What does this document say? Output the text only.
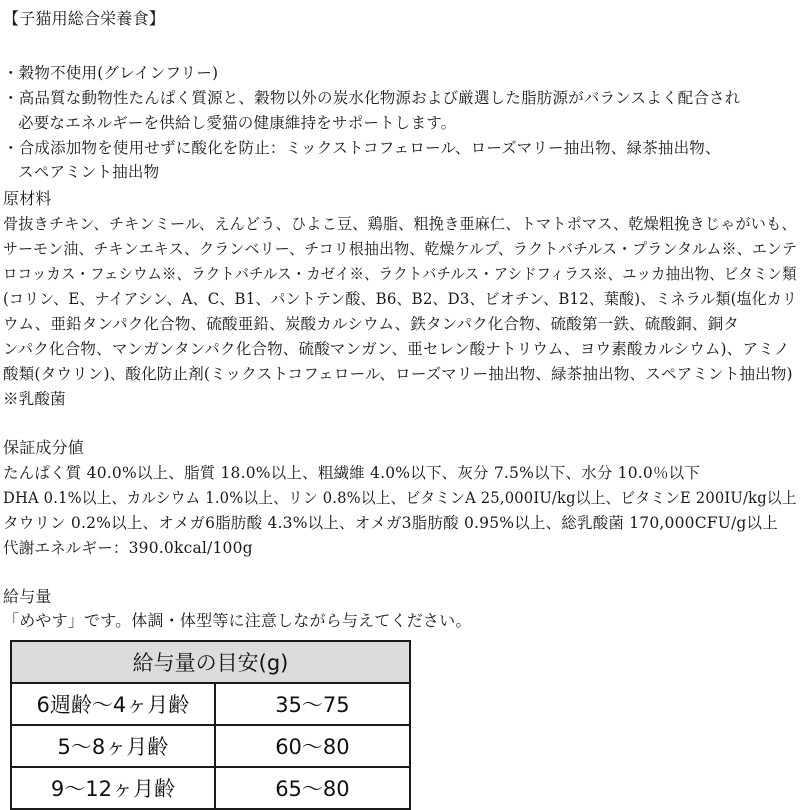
【子猫用総合栄養食】
・穀物不使用(グレインフリー)
・高品質な動物性たんぱく質源と、穀物以外の炭水化物源および厳選した脂肪源がバランスよく配合され
必要なエネルギーを供給し愛猫の健康維持をサポートします。
・合成添加物を使用せずに酸化を防止：ミックストコフェロール、ローズマリー抽出物、緑茶抽出物、
スペアミント抽出物
原材料
骨抜きチキン、チキンミール、えんどう、ひよこ豆、鶏脂、粗挽き亜麻仁、トマトポマス、乾燥粗挽きじゃがいも、
サーモン油、チキンエキス、クランベリー、チコリ根抽出物、乾燥ケルプ、ラクトバチルス・プランタルム※、エンテ
ロコッカス・フェシウム※、ラクトバチルス・カゼイ※、ラクトバチルス・アシドフィラス※、ユッカ抽出物、ビタミン類
(コリン、E、ナイアシン、A、C、B1、パントテン酸、B6、B2、D3、ビオチン、B12、葉酸)、ミネラル類(塩化カリ
ウム、亜鉛タンパク化合物、硫酸亜鉛、炭酸カルシウム、鉄タンパク化合物、硫酸第一鉄、硫酸銅、銅タ
ンパク化合物、マンガンタンパク化合物、硫酸マンガン、亜セレン酸ナトリウム、ヨウ素酸カルシウム)、アミノ
酸類(タウリン)、酸化防止剤(ミックストコフェロール、ローズマリー抽出物、緑茶抽出物、スペアミント抽出物)
※乳酸菌
保証成分値
たんぱく質 40.0%以上、脂質 18.0%以上、粗繊維 4.0%以下、灰分 7.5%以下、水分 10.0％以下
DHA 0.1%以上、カルシウム 1.0%以上、リン 0.8%以上、ビタミンA 25,000IU/kg以上、ビタミンE 200IU/kg以上
タウリン 0.2%以上、オメガ6脂肪酸 4.3%以上、オメガ3脂肪酸 0.95%以上、総乳酸菌 170,000CFU/g以上
代謝エネルギー：390.0kcal/100g
給与量
「めやす」です。体調・体型等に注意しながら与えてください。
給与量の目安(g)	
6週齢〜4ヶ月齢	35〜75
5〜8ヶ月齢	60〜80
9〜12ヶ月齢	65〜80
